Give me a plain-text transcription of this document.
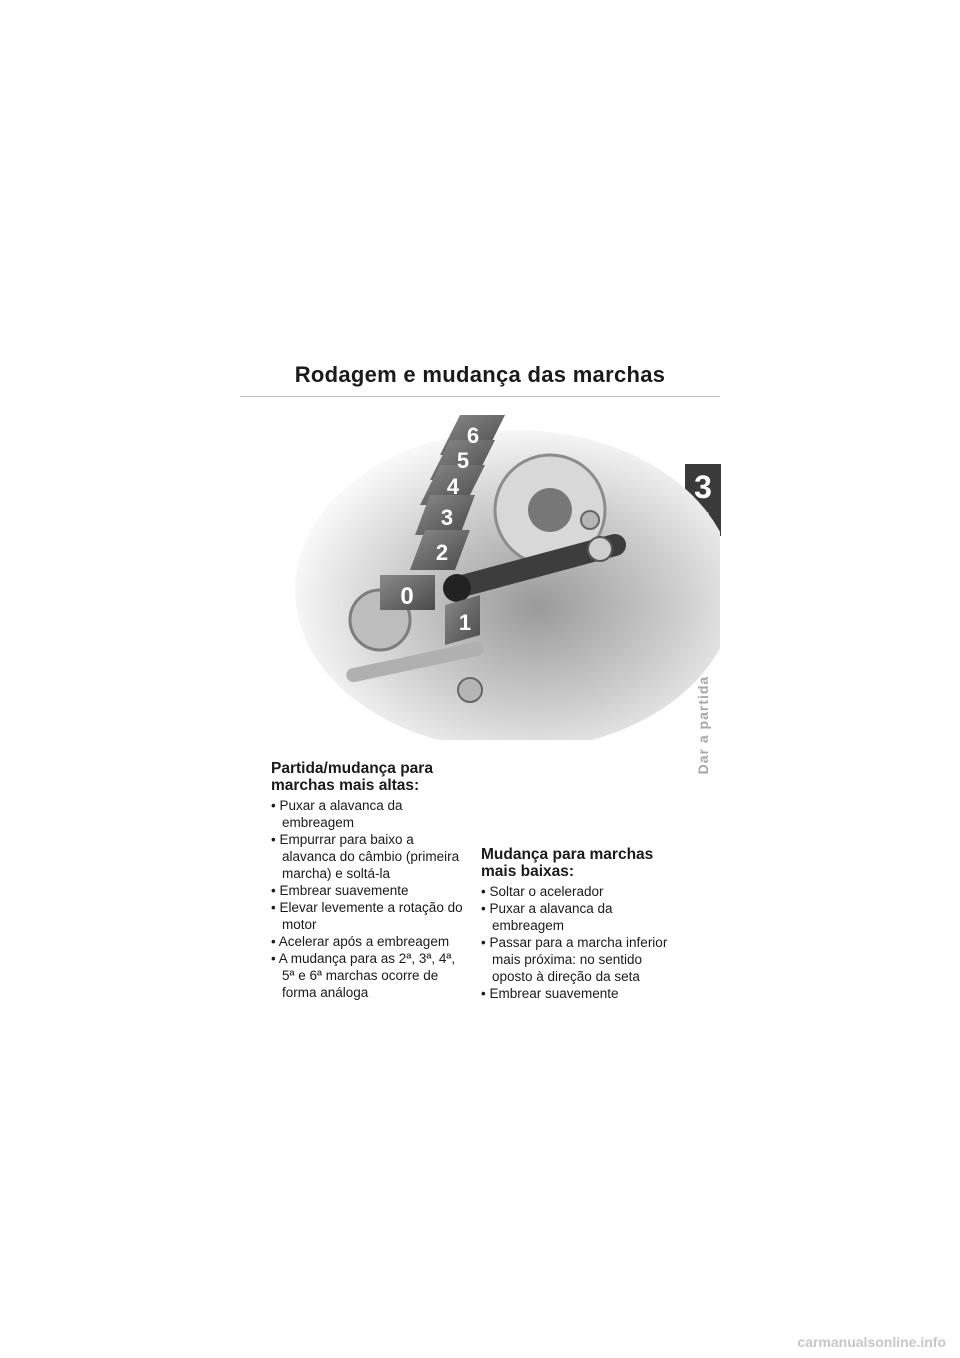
Rodagem e mudança das marchas
3
0
1
2
3
4
5
6
Partida/mudança para marchas mais altas:
• Puxar a alavanca da embreagem
• Empurrar para baixo a alavanca do câmbio (primeira marcha) e soltá-la
• Embrear suavemente
• Elevar levemente a rotação do motor
• Acelerar após a embreagem
• A mudança para as 2ª, 3ª, 4ª, 5ª e 6ª marchas ocorre de forma análoga
Mudança para marchas mais baixas:
• Soltar o acelerador
• Puxar a alavanca da embreagem
• Passar para a marcha inferior mais próxima: no sentido oposto à direção da seta
• Embrear suavemente
carmanualsonline.info
